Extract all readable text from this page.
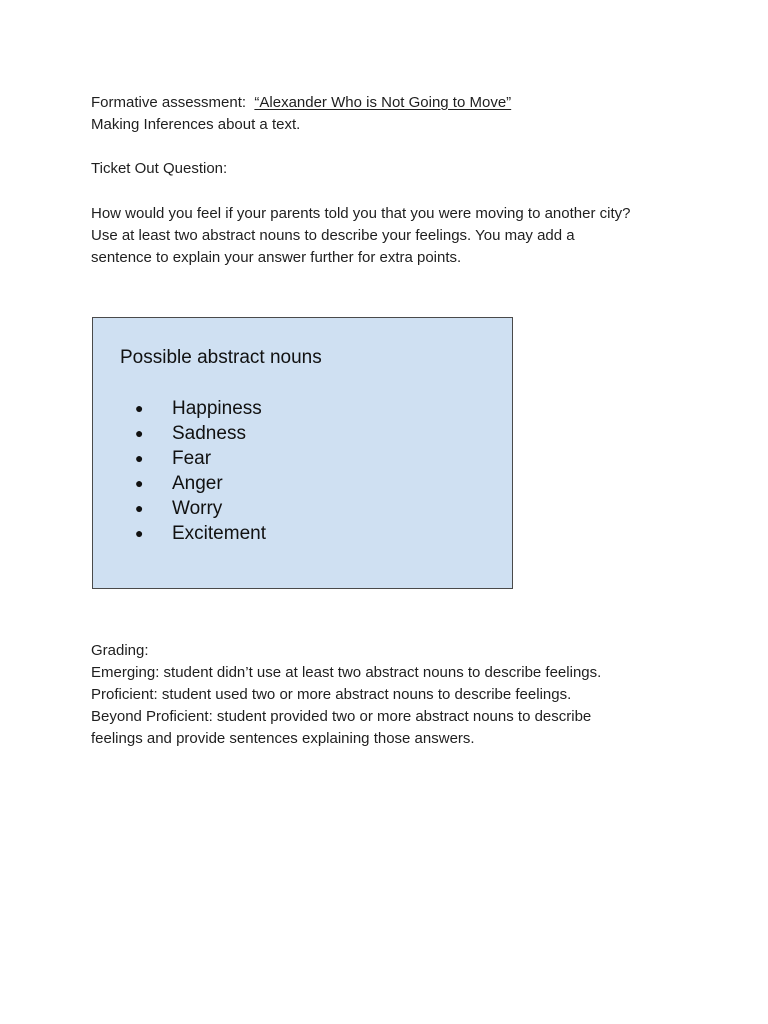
Formative assessment:  “Alexander Who is Not Going to Move”
Making Inferences about a text.
Ticket Out Question:
How would you feel if your parents told you that you were moving to another city?
Use at least two abstract nouns to describe your feelings. You may add a
sentence to explain your answer further for extra points.
Possible abstract nouns
● Happiness
● Sadness
● Fear
● Anger
● Worry
● Excitement
Grading:
Emerging: student didn’t use at least two abstract nouns to describe feelings.
Proficient: student used two or more abstract nouns to describe feelings.
Beyond Proficient: student provided two or more abstract nouns to describe
feelings and provide sentences explaining those answers.
